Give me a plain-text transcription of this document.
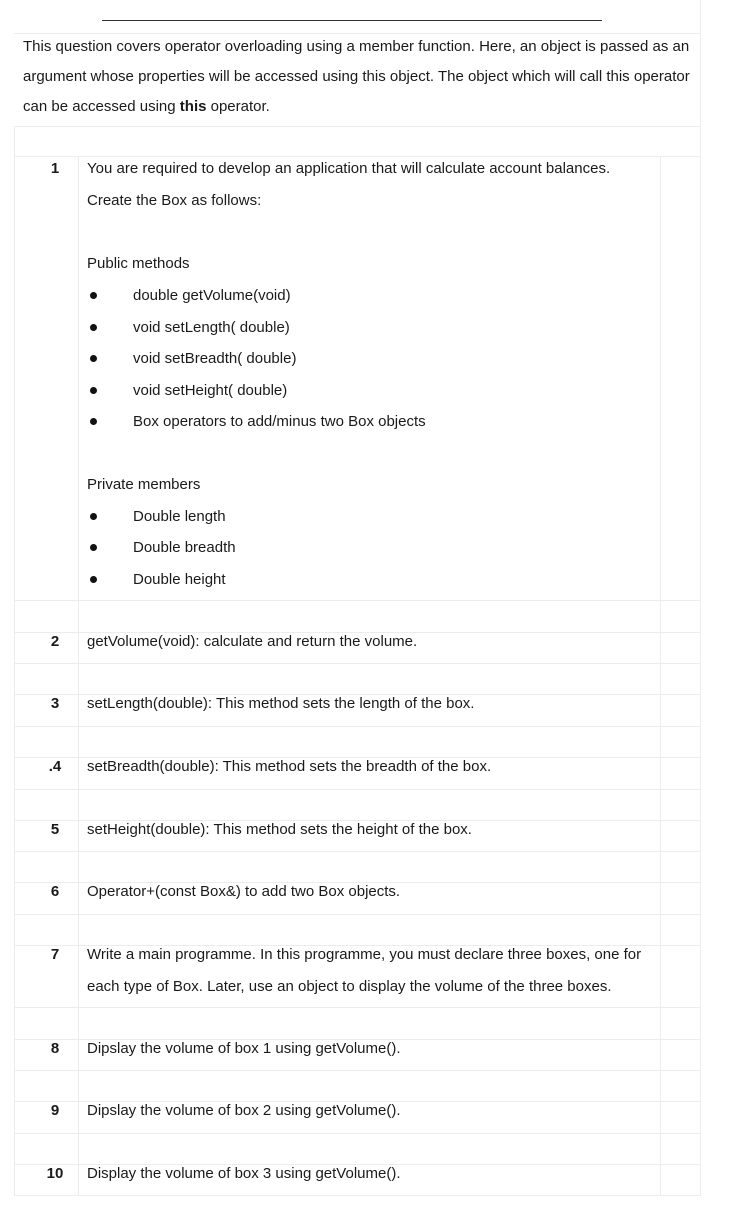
This question covers operator overloading using a member function. Here, an object is passed as an argument whose properties will be accessed using this object. The object which will call this operator can be accessed using this operator.
1	You are required to develop an application that will calculate account balances.
Create the Box as follows:
Public methods
double getVolume(void)
void setLength( double)
void setBreadth( double)
void setHeight( double)
Box operators to add/minus two Box objects
Private members
Double length
Double breadth
Double height
2	getVolume(void): calculate and return the volume.
3	setLength(double): This method sets the length of the box.
.4	setBreadth(double): This method sets the breadth of the box.
5	setHeight(double): This method sets the height of the box.
6	Operator+(const Box&) to add two Box objects.
7	Write a main programme. In this programme, you must declare three boxes, one for each type of Box. Later, use an object to display the volume of the three boxes.
8	Dipslay the volume of box 1 using getVolume().
9	Dipslay the volume of box 2 using getVolume().
10	Display the volume of box 3 using getVolume().
